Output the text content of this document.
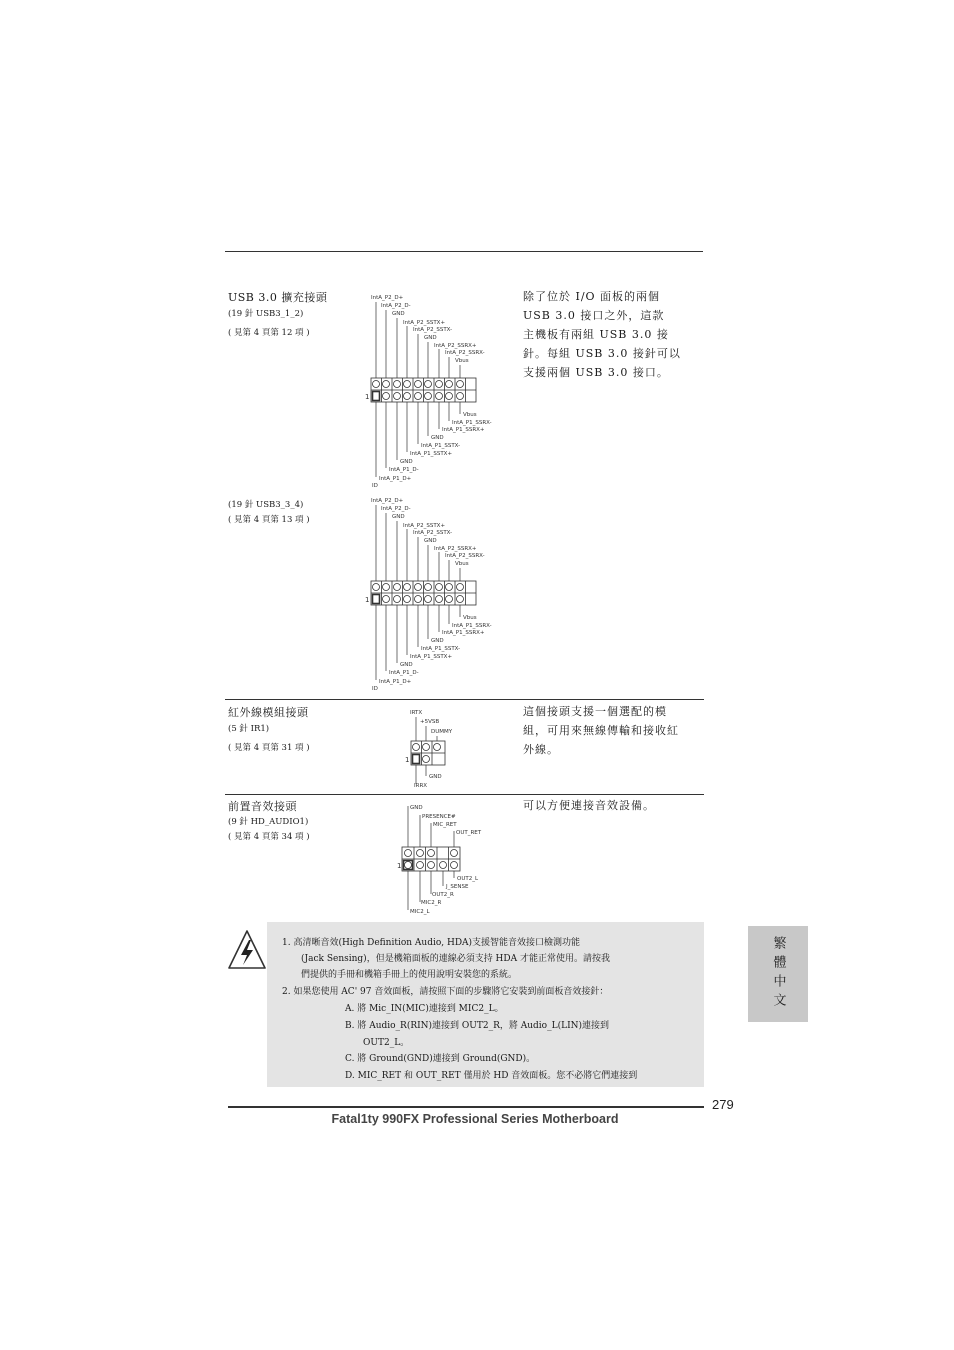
USB 3.0 擴充接頭
(19 針 USB3_1_2)
( 見第 4 頁第 12 項 )
除了位於 I/O 面板的兩個
USB 3.0 接口之外，這款
主機板有兩組 USB 3.0 接
針。每組 USB 3.0 接針可以
支援兩個 USB 3.0 接口。
IntA_P2_D+
IntA_P2_D-
GND
IntA_P2_SSTX+
IntA_P2_SSTX-
GND
IntA_P2_SSRX+
IntA_P2_SSRX-
Vbus
1
Vbus
IntA_P1_SSRX-
IntA_P1_SSRX+
GND
IntA_P1_SSTX-
IntA_P1_SSTX+
GND
IntA_P1_D-
IntA_P1_D+
ID
(19 針 USB3_3_4)
( 見第 4 頁第 13 項 )
IntA_P2_D+
IntA_P2_D-
GND
IntA_P2_SSTX+
IntA_P2_SSTX-
GND
IntA_P2_SSRX+
IntA_P2_SSRX-
Vbus
1
Vbus
IntA_P1_SSRX-
IntA_P1_SSRX+
GND
IntA_P1_SSTX-
IntA_P1_SSTX+
GND
IntA_P1_D-
IntA_P1_D+
ID
紅外線模組接頭
(5 針 IR1)
( 見第 4 頁第 31 項 )
這個接頭支援一個選配的模
組，可用來無線傳輸和接收紅
外線。
IRTX
+5VSB
DUMMY
1
GND
IRRX
前置音效接頭
(9 針 HD_AUDIO1)
( 見第 4 頁第 34 項 )
可以方便連接音效設備。
GND
PRESENCE#
MIC_RET
OUT_RET
1
OUT2_L
J_SENSE
OUT2_R
MIC2_R
MIC2_L
1. 高清晰音效(High Definition Audio, HDA)支援智能音效接口檢測功能
(Jack Sensing)，但是機箱面板的連線必須支持 HDA 才能正常使用。請按我
們提供的手冊和機箱手冊上的使用說明安裝您的系統。
2. 如果您使用 AC' 97 音效面板，請按照下面的步驟將它安裝到前面板音效接針：
A. 將 Mic_IN(MIC)連接到 MIC2_L。
B. 將 Audio_R(RIN)連接到 OUT2_R，將 Audio_L(LIN)連接到
OUT2_L。
C. 將 Ground(GND)連接到 Ground(GND)。
D. MIC_RET 和 OUT_RET 僅用於 HD 音效面板。您不必將它們連接到
繁體中文
279
Fatal1ty 990FX Professional Series Motherboard
